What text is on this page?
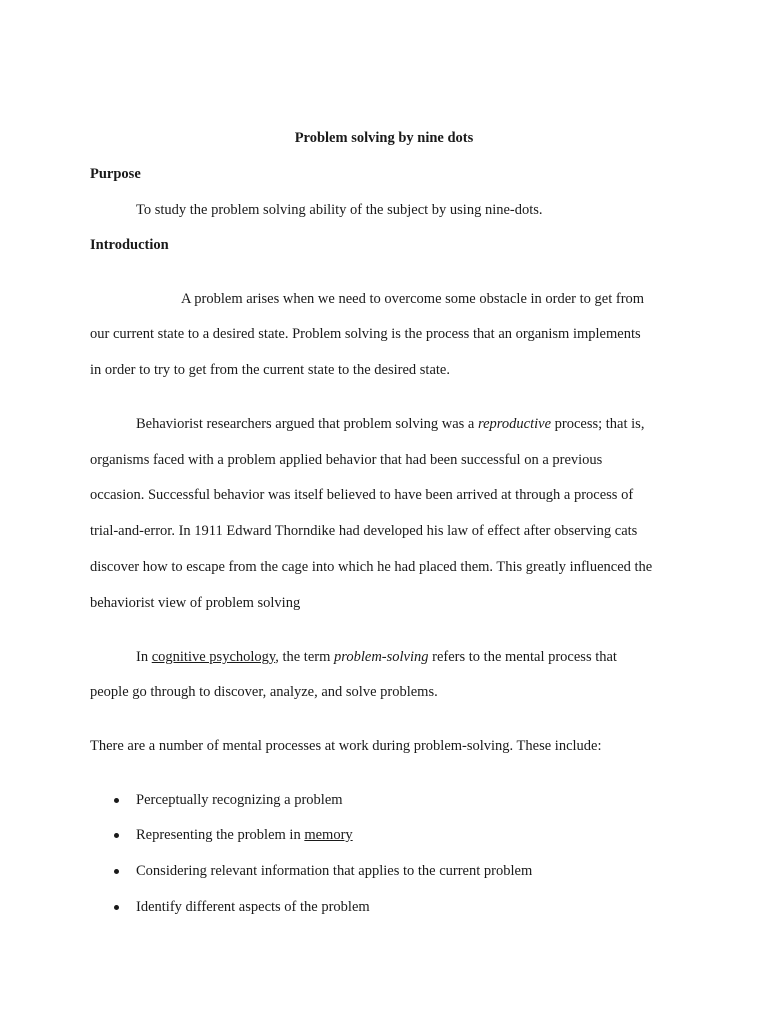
Problem solving by nine dots
Purpose
To study the problem solving ability of the subject by using nine-dots.
Introduction
A problem arises when we need to overcome some obstacle in order to get from
our current state to a desired state. Problem solving is the process that an organism implements
in order to try to get from the current state to the desired state.
Behaviorist researchers argued that problem solving was a reproductive process; that is,
organisms faced with a problem applied behavior that had been successful on a previous
occasion. Successful behavior was itself believed to have been arrived at through a process of
trial-and-error. In 1911 Edward Thorndike had developed his law of effect after observing cats
discover how to escape from the cage into which he had placed them. This greatly influenced the
behaviorist view of problem solving
In cognitive psychology, the term problem-solving refers to the mental process that
people go through to discover, analyze, and solve problems.
There are a number of mental processes at work during problem-solving. These include:
Perceptually recognizing a problem
Representing the problem in memory
Considering relevant information that applies to the current problem
Identify different aspects of the problem
